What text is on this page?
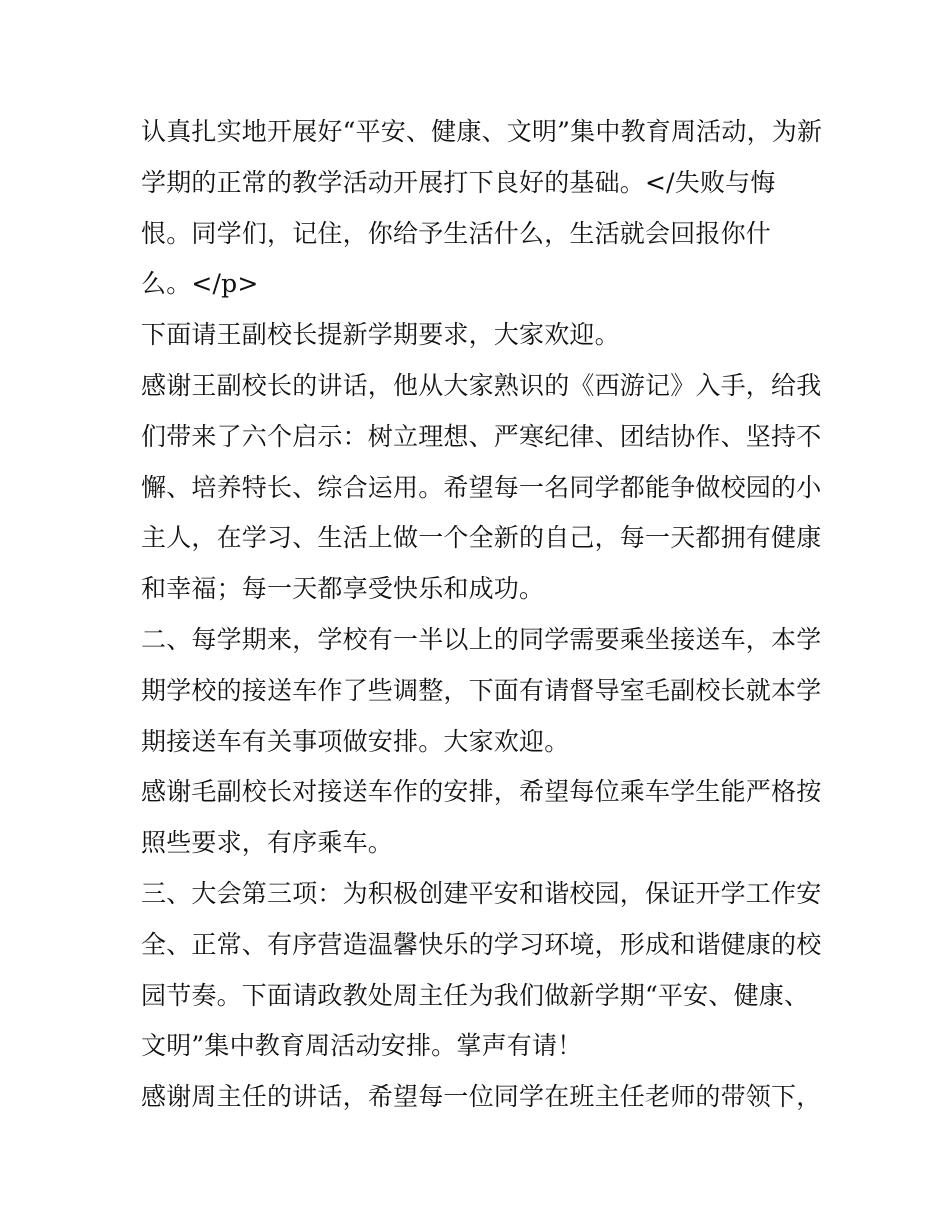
认真扎实地开展好“平安、健康、文明”集中教育周活动，为新
学期的正常的教学活动开展打下良好的基础。</失败与悔
恨。同学们，记住，你给予生活什么，生活就会回报你什
么。</p>
下面请王副校长提新学期要求，大家欢迎。
感谢王副校长的讲话，他从大家熟识的《西游记》入手，给我
们带来了六个启示：树立理想、严寒纪律、团结协作、坚持不
懈、培养特长、综合运用。希望每一名同学都能争做校园的小
主人，在学习、生活上做一个全新的自己，每一天都拥有健康
和幸福；每一天都享受快乐和成功。
二、每学期来，学校有一半以上的同学需要乘坐接送车，本学
期学校的接送车作了些调整，下面有请督导室毛副校长就本学
期接送车有关事项做安排。大家欢迎。
感谢毛副校长对接送车作的安排，希望每位乘车学生能严格按
照些要求，有序乘车。
三、大会第三项：为积极创建平安和谐校园，保证开学工作安
全、正常、有序营造温馨快乐的学习环境，形成和谐健康的校
园节奏。下面请政教处周主任为我们做新学期“平安、健康、
文明”集中教育周活动安排。掌声有请！
感谢周主任的讲话，希望每一位同学在班主任老师的带领下，
